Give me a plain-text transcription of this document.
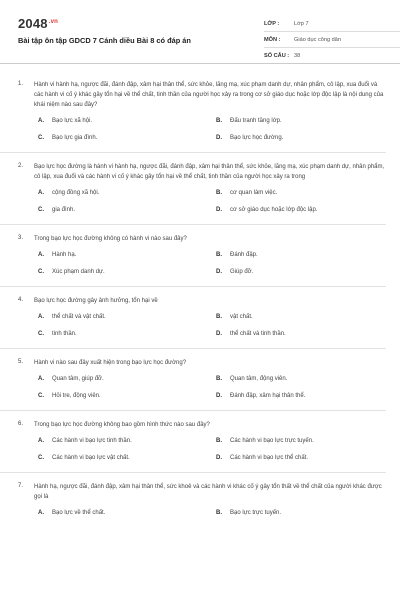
$2048^{.vn}$
Bài tập ôn tập GDCD 7 Cánh diều Bài 8 có đáp án
LỚP :	Lớp 7
MÔN :	Giáo dục công dân
SỐ CÂU : 38
1.	Hành vi hành hạ, ngược đãi, đánh đập, xâm hại thân thể, sức khỏe, lăng mạ, xúc phạm danh dự, nhân phẩm, cô lập, xua đuổi và các hành vi cố ý khác gây tổn hại về thể chất, tinh thần của người học xảy ra trong cơ sở giáo dục hoặc lớp độc lập là nội dung của khái niệm nào sau đây?
A.	Bạo lực xã hội.	B.	Đấu tranh tầng lớp.
C.	Bạo lực gia đình.	D.	Bạo lực học đường.
2.	Bạo lực học đường là hành vi hành hạ, ngược đãi, đánh đập, xâm hại thân thể, sức khỏe, lăng mạ, xúc phạm danh dự, nhân phẩm, cô lập, xua đuổi và các hành vi cố ý khác gây tổn hại về thể chất, tinh thần của người học xảy ra trong
A.	cộng đồng xã hội.	B.	cơ quan làm việc.
C.	gia đình.	D.	cơ sở giáo dục hoặc lớp độc lập.
3.	Trong bạo lực học đường không có hành vi nào sau đây?
A.	Hành hạ.	B.	Đánh đập.
C.	Xúc phạm danh dự.	D.	Giúp đỡ.
4.	Bạo lực học đường gây ảnh hưởng, tổn hại về
A.	thể chất và vật chất.	B.	vật chất.
C.	tinh thần.	D.	thể chất và tinh thần.
5.	Hành vi nào sau đây xuất hiện trong bạo lực học đường?
A.	Quan tâm, giúp đỡ.	B.	Quan tâm, động viên.
C.	Hỏi tre, động viên.	D.	Đánh đập, xâm hại thân thể.
6.	Trong bạo lực học đường không bao gồm hình thức nào sau đây?
A.	Các hành vi bạo lực tinh thần.	B.	Các hành vi bạo lực trực tuyến.
C.	Các hành vi bạo lực vật chất.	D.	Các hành vi bạo lực thể chất.
7.	Hành hạ, ngược đãi, đánh đập, xâm hại thân thể, sức khoẻ và các hành vi khác cố ý gây tổn thất về thể chất của người khác được gọi là
A.	Bạo lực về thể chất.	B.	Bạo lực trực tuyến.
